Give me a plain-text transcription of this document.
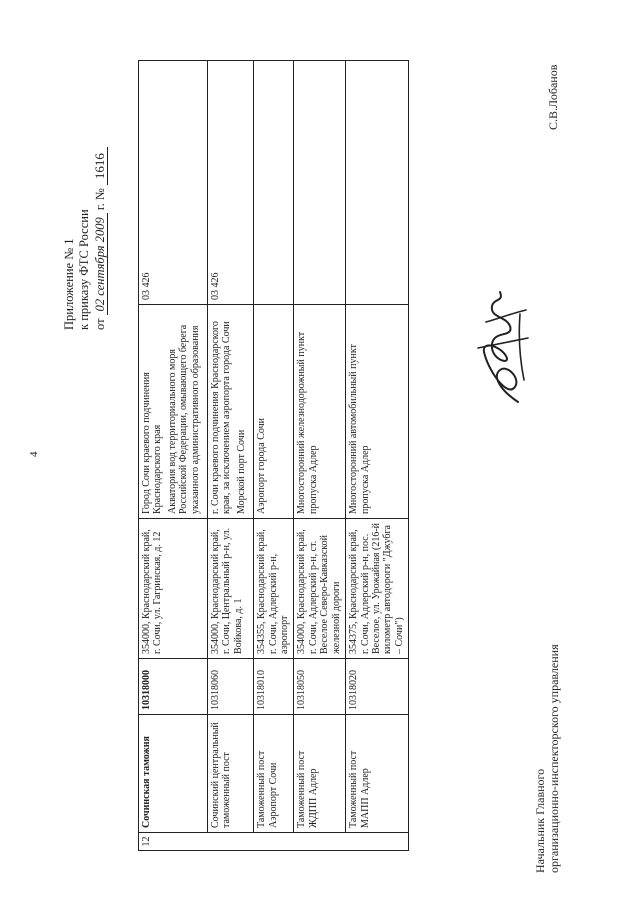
4
Приложение № 1 к приказу ФТС России от 02 сентября 2009 г. № 1616
12	Сочинская таможня	10318000	354000, Краснодарский край, г. Сочи, ул. Гагринская, д. 12	Город Сочи краевого подчинения Краснодарского края Акватория вод территориального моря Российской Федерации, омывающего берега указанного административного образования	03 426
	Сочинский центральный таможенный пост	10318060	354000, Краснодарский край, г. Сочи, Центральный р-н, ул. Войкова, д. 1	г. Сочи краевого подчинения Краснодарского края, за исключением аэропорта города Сочи Морской порт Сочи	03 426
	Таможенный пост Аэропорт Сочи	10318010	354355, Краснодарский край, г. Сочи, Адлерский р-н, аэропорт	Аэропорт города Сочи	

	Таможенный пост ЖДПП Адлер	10318050	354000, Краснодарский край, г. Сочи, Адлерский р-н, ст. Веселое Северо-Кавказской железной дороги	Многосторонний железнодорожный пункт пропуска Адлер	

	Таможенный пост МАПП Адлер	10318020	354375, Краснодарский край, г. Сочи, Адлерский р-н, пос. Веселое, ул. Урожайная (216-й километр автодороги "Джубга – Сочи")	Многосторонний автомобильный пункт пропуска Адлер	

Начальник Главного организационно-инспекторского управления
С.В.Лобанов
